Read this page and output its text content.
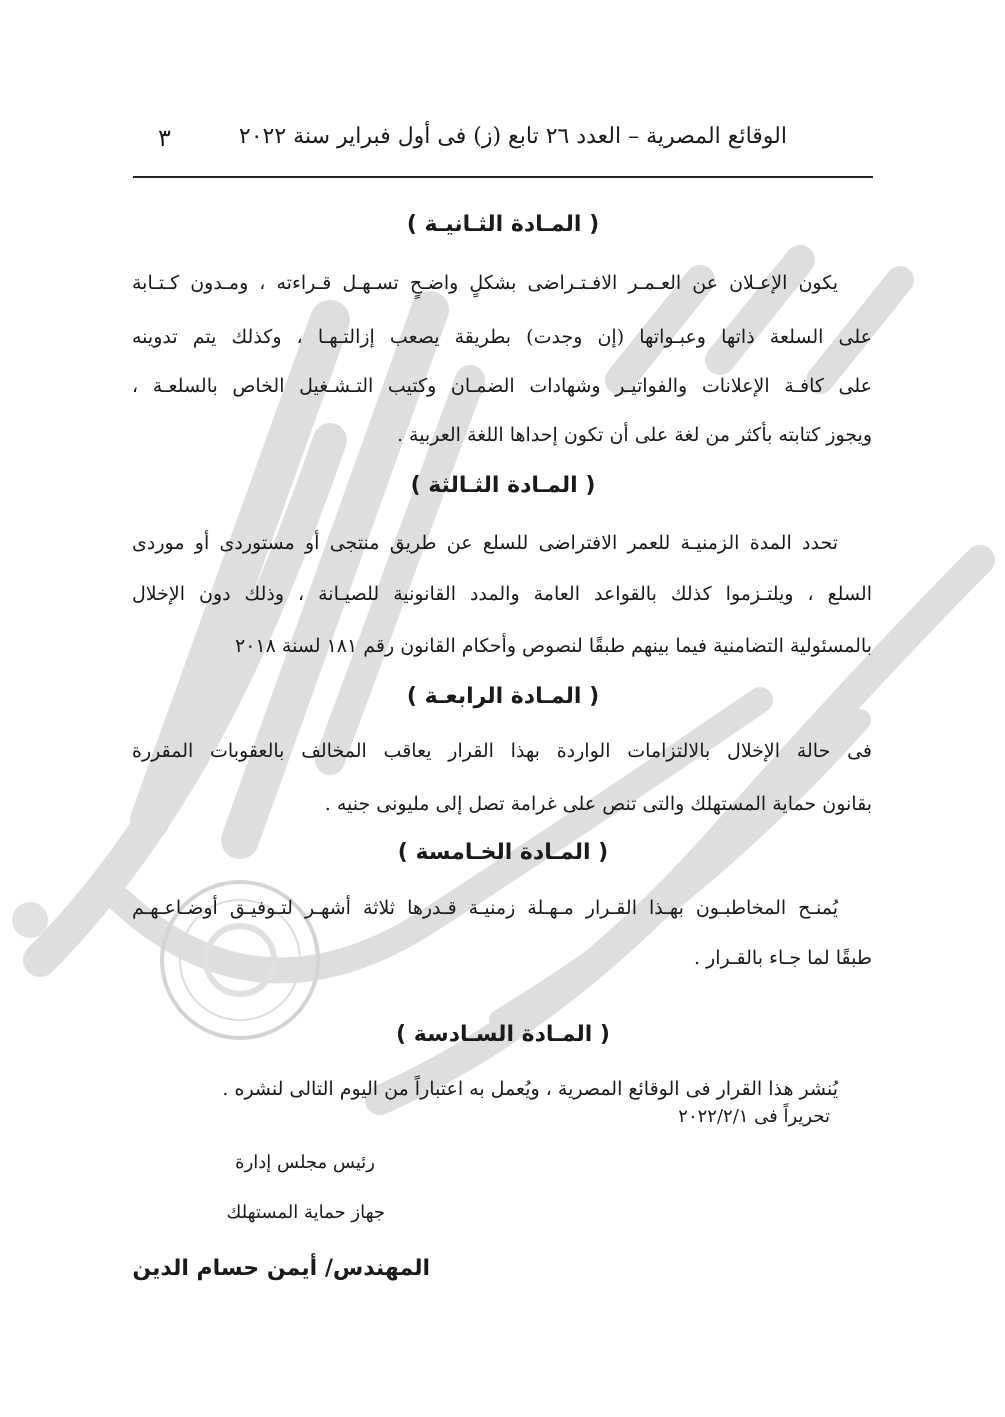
الوقائع المصرية – العدد ٢٦ تابع (ز) فى أول فبراير سنة ٢٠٢٢
٣
( المـادة الثـانيـة )
يكون الإعـلان عن العـمـر الافـتـراضى بشكلٍ واضـحٍ تسـهـل قـراءته ، ومـدون كـتـابة
على السلعة ذاتها وعبـواتها (إن وجدت) بطريقة يصعب إزالتـهـا ، وكذلك يتم تدوينه
على كافـة الإعلانات والفواتيـر وشهادات الضمـان وكتيب التـشـغيل الخاص بالسلعـة ،
ويجوز كتابته بأكثر من لغة على أن تكون إحداها اللغة العربية .
( المـادة الثـالثة )
تحدد المدة الزمنيـة للعمر الافتراضى للسلع عن طريق منتجى أو مستوردى أو موردى
السلع ، ويلتـزموا كذلك بالقواعد العامة والمدد القانونية للصيـانة ، وذلك دون الإخلال
بالمسئولية التضامنية فيما بينهم طبقًا لنصوص وأحكام القانون رقم ١٨١ لسنة ٢٠١٨
( المـادة الرابعـة )
فى حالة الإخلال بالالتزامات الواردة بهذا القرار يعاقب المخالف بالعقوبات المقررة
بقانون حماية المستهلك والتى تنص على غرامة تصل إلى مليونى جنيه .
( المـادة الخـامسة )
يُمنـح المخاطبـون بهـذا القـرار مـهـلة زمنيـة قـدرها ثلاثة أشهـر لتـوفيـق أوضـاعـهـم
طبقًا لما جـاء بالقـرار .
( المـادة السـادسة )
يُنشر هذا القرار فى الوقائع المصرية ، ويُعمل به اعتباراً من اليوم التالى لنشره .
تحريراً فى ٢٠٢٢/٢/١
رئيس مجلس إدارة
جهاز حماية المستهلك
المهندس/ أيمن حسام الدين
